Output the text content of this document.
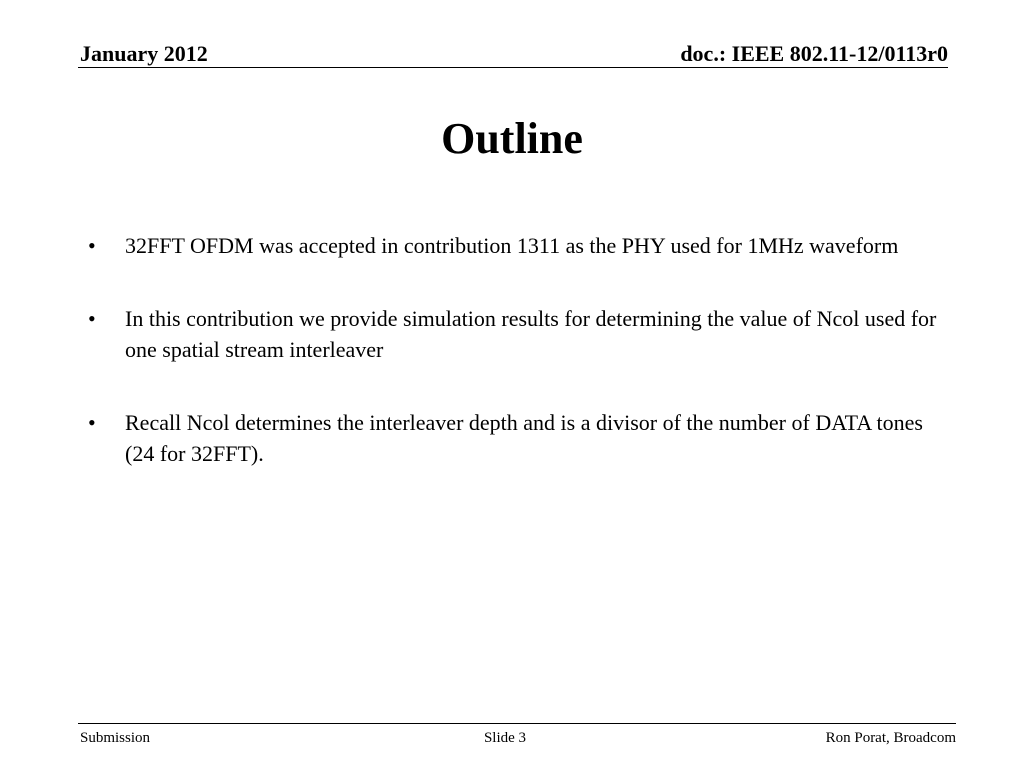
January 2012	doc.: IEEE 802.11-12/0113r0
Outline
•	32FFT OFDM was accepted in contribution 1311 as the PHY used for 1MHz waveform
•	In this contribution we provide simulation results for determining the value of Ncol used for one spatial stream interleaver
•	Recall Ncol determines the interleaver depth and is a divisor of the number of DATA tones (24 for 32FFT).
Submission	Slide 3	Ron Porat, Broadcom
